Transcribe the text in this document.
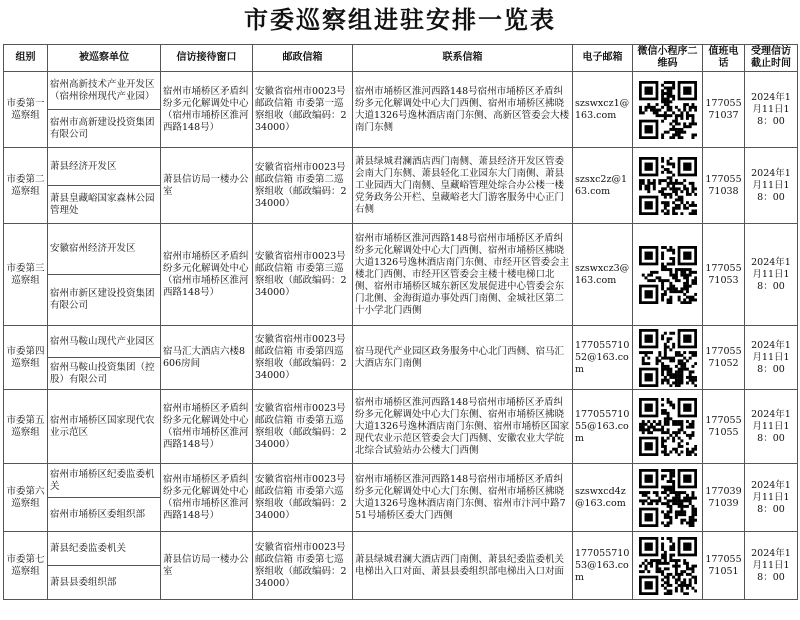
市委巡察组进驻安排一览表
组别	被巡察单位	信访接待窗口	邮政信箱	联系信箱	电子邮箱	微信小程序二维码	值班电话	受理信访截止时间
市委第一巡察组	宿州高新技术产业开发区（宿州徐州现代产业园）	宿州市埇桥区矛盾纠纷多元化解调处中心（宿州市埇桥区淮河西路148号）	安徽省宿州市0023号邮政信箱 市委第一巡察组收（邮政编码：234000）	宿州市埇桥区淮河西路148号宿州市埇桥区矛盾纠纷多元化解调处中心大门西侧、宿州市埇桥区拂晓大道1326号逸林酒店南门东侧、高新区管委会大楼南门东侧	szswxcz1@163.com		17705571037	2024年1月11日18：00
	宿州市高新建设投资集团有限公司							
市委第二巡察组	萧县经济开发区	萧县信访局一楼办公室	安徽省宿州市0023号邮政信箱 市委第二巡察组收（邮政编码：234000）	萧县绿城君澜酒店西门南侧、萧县经济开发区管委会南大门东侧、萧县轻化工业园东大门南侧、萧县工业园西大门南侧、皇藏峪管理处综合办公楼一楼党务政务公开栏、皇藏峪老大门游客服务中心正门右侧	szsxc2z@163.com		17705571038	2024年1月11日18：00
	萧县皇藏峪国家森林公园管理处							
市委第三巡察组	安徽宿州经济开发区	宿州市埇桥区矛盾纠纷多元化解调处中心（宿州市埇桥区淮河西路148号）	安徽省宿州市0023号邮政信箱 市委第三巡察组收（邮政编码：234000）	宿州市埇桥区淮河西路148号宿州市埇桥区矛盾纠纷多元化解调处中心大门西侧、宿州市埇桥区拂晓大道1326号逸林酒店南门东侧、市经开区管委会主楼北门西侧、市经开区管委会主楼十楼电梯口北侧、宿州市埇桥区城东新区发展促进中心管委会东门北侧、金海街道办事处西门南侧、金城社区第二十小学北门西侧	szswxcz3@163.com		17705571053	2024年1月11日18：00
	宿州市新区建设投资集团有限公司							
市委第四巡察组	宿州马鞍山现代产业园区	宿马汇大酒店六楼8606房间	安徽省宿州市0023号邮政信箱 市委第四巡察组收（邮政编码：234000）	宿马现代产业园区政务服务中心北门西侧、宿马汇大酒店东门南侧	17705571052@163.com		17705571052	2024年1月11日18：00
	宿州马鞍山投资集团（控股）有限公司							
市委第五巡察组	宿州市埇桥区国家现代农业示范区	宿州市埇桥区矛盾纠纷多元化解调处中心（宿州市埇桥区淮河西路148号）	安徽省宿州市0023号邮政信箱 市委第五巡察组收（邮政编码：234000）	宿州市埇桥区淮河西路148号宿州市埇桥区矛盾纠纷多元化解调处中心大门东侧、宿州市埇桥区拂晓大道1326号逸林酒店南门东侧、宿州市埇桥区国家现代农业示范区管委会大门西侧、安徽农业大学皖北综合试验站办公楼大门西侧	17705571055@163.com		17705571055	2024年1月11日18：00
市委第六巡察组	宿州市埇桥区纪委监委机关	宿州市埇桥区矛盾纠纷多元化解调处中心（宿州市埇桥区淮河西路148号）	安徽省宿州市0023号邮政信箱 市委第六巡察组收（邮政编码：234000）	宿州市埇桥区淮河西路148号宿州市埇桥区矛盾纠纷多元化解调处中心大门东侧、宿州市埇桥区拂晓大道1326号逸林酒店南门东侧、宿州市汴河中路751号埇桥区委大门西侧	szswxcd4z@163.com		17703971039	2024年1月11日18：00
	宿州市埇桥区委组织部							
市委第七巡察组	萧县纪委监委机关	萧县信访局一楼办公室	安徽省宿州市0023号邮政信箱 市委第七巡察组收（邮政编码：234000）	萧县绿城君澜大酒店西门南侧、萧县纪委监委机关电梯出入口对面、萧县县委组织部电梯出入口对面	17705571053@163.com		17705571051	2024年1月11日18：00
	萧县县委组织部							
